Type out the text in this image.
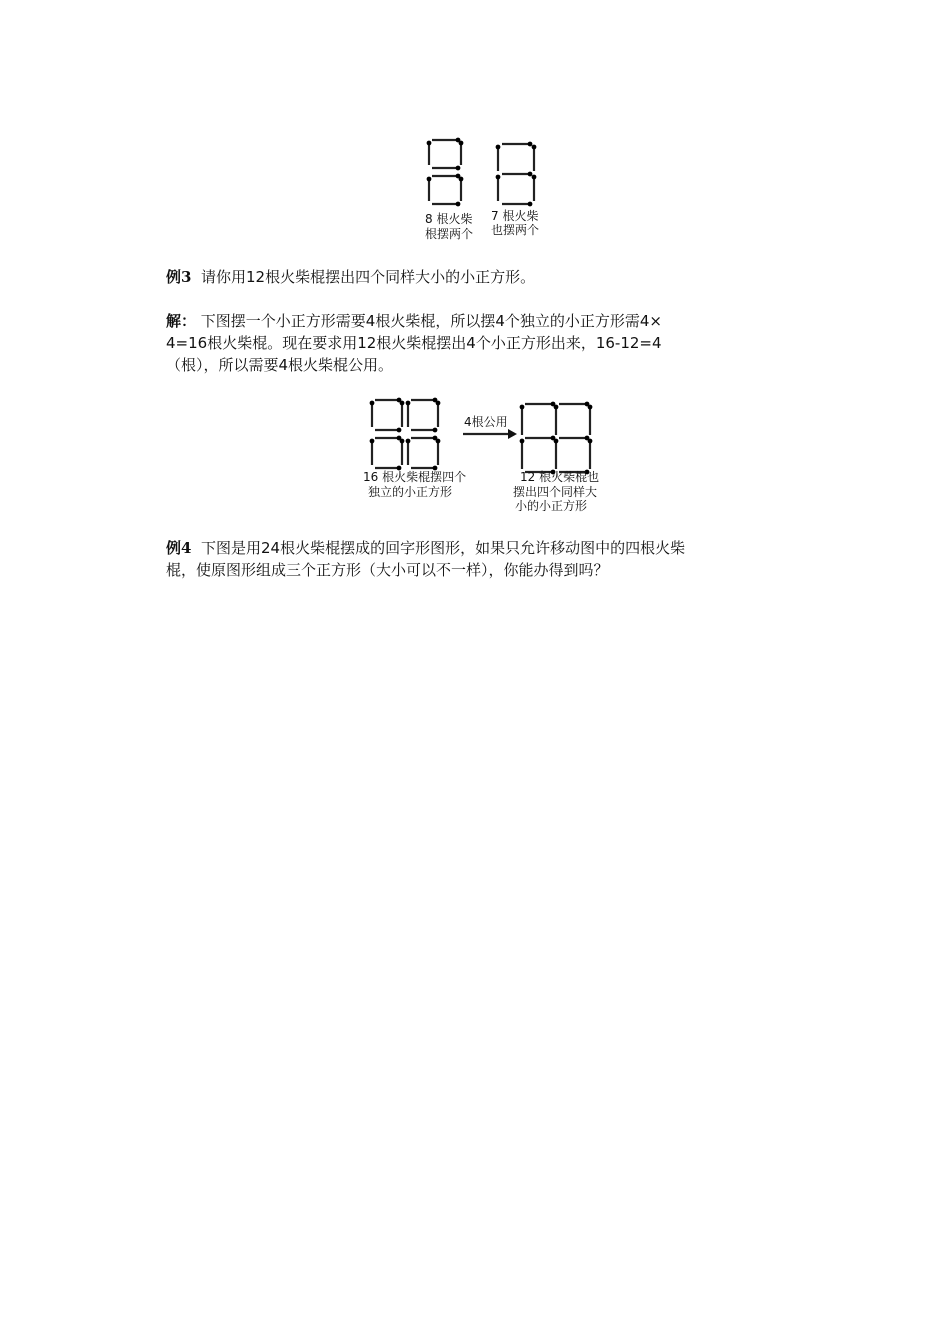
8 根火柴
根摆两个
7 根火柴
也摆两个
例3 请你用12根火柴棍摆出四个同样大小的小正方形。
解： 下图摆一个小正方形需要4根火柴棍，所以摆4个独立的小正方形需4×
4=16根火柴棍。现在要求用12根火柴棍摆出4个小正方形出来，16-12=4
（根），所以需要4根火柴棍公用。
4根公用
16 根火柴棍摆四个
独立的小正方形
12 根火柴棍也
摆出四个同样大
小的小正方形
例4 下图是用24根火柴棍摆成的回字形图形，如果只允许移动图中的四根火柴
棍，使原图形组成三个正方形（大小可以不一样），你能办得到吗？
